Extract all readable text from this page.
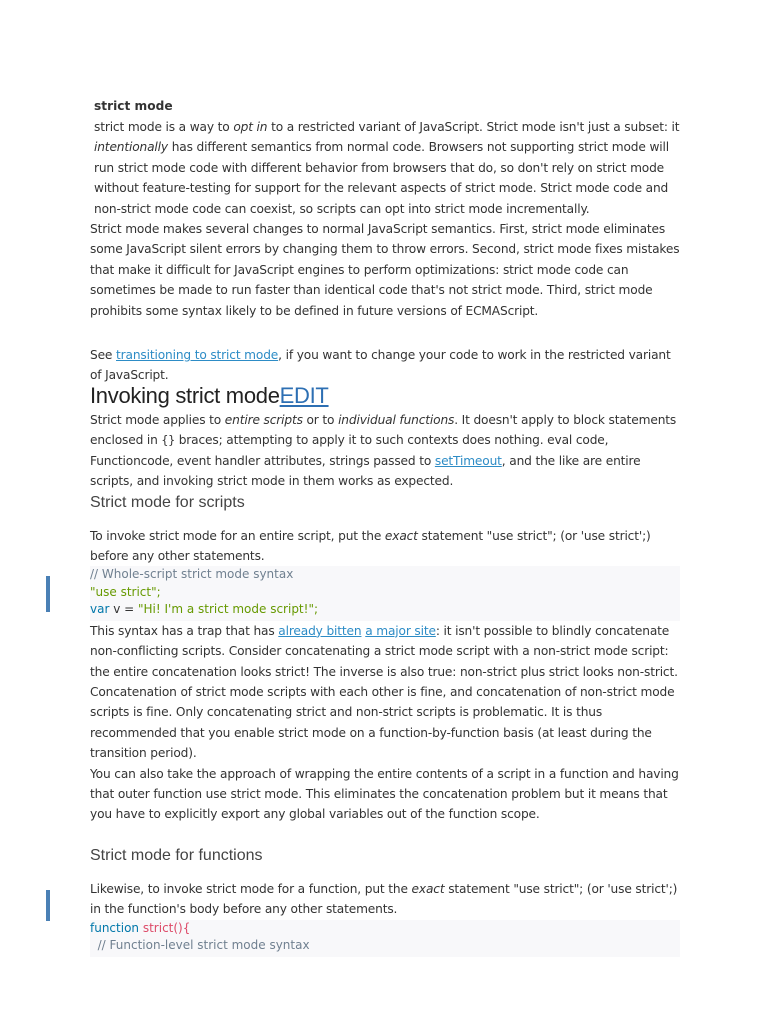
strict mode

strict mode is a way to opt in to a restricted variant of JavaScript. Strict mode isn't just a subset: it intentionally has different semantics from normal code. Browsers not supporting strict mode will run strict mode code with different behavior from browsers that do, so don't rely on strict mode without feature-testing for support for the relevant aspects of strict mode. Strict mode code and non-strict mode code can coexist, so scripts can opt into strict mode incrementally.

Strict mode makes several changes to normal JavaScript semantics. First, strict mode eliminates some JavaScript silent errors by changing them to throw errors. Second, strict mode fixes mistakes that make it difficult for JavaScript engines to perform optimizations: strict mode code can sometimes be made to run faster than identical code that's not strict mode. Third, strict mode prohibits some syntax likely to be defined in future versions of ECMAScript.

See transitioning to strict mode, if you want to change your code to work in the restricted variant of JavaScript.

Invoking strict modeEDIT

Strict mode applies to entire scripts or to individual functions. It doesn't apply to block statements enclosed in {} braces; attempting to apply it to such contexts does nothing. eval code, Functioncode, event handler attributes, strings passed to setTimeout, and the like are entire scripts, and invoking strict mode in them works as expected.

Strict mode for scripts

To invoke strict mode for an entire script, put the exact statement "use strict"; (or 'use strict';) before any other statements.

// Whole-script strict mode syntax
"use strict";
var v = "Hi! I'm a strict mode script!";

This syntax has a trap that has already bitten a major site: it isn't possible to blindly concatenate non-conflicting scripts. Consider concatenating a strict mode script with a non-strict mode script: the entire concatenation looks strict! The inverse is also true: non-strict plus strict looks non-strict. Concatenation of strict mode scripts with each other is fine, and concatenation of non-strict mode scripts is fine. Only concatenating strict and non-strict scripts is problematic. It is thus recommended that you enable strict mode on a function-by-function basis (at least during the transition period).

You can also take the approach of wrapping the entire contents of a script in a function and having that outer function use strict mode. This eliminates the concatenation problem but it means that you have to explicitly export any global variables out of the function scope.

Strict mode for functions

Likewise, to invoke strict mode for a function, put the exact statement "use strict"; (or 'use strict';) in the function's body before any other statements.

function strict(){
// Function-level strict mode syntax
